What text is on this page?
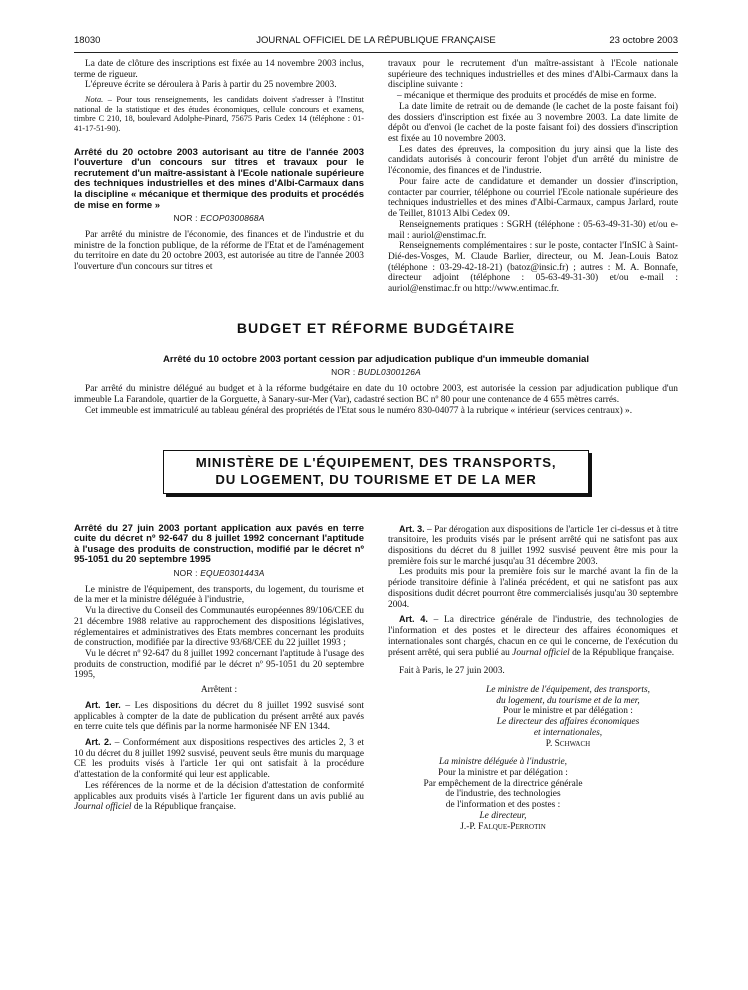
18030	JOURNAL OFFICIEL DE LA RÉPUBLIQUE FRANÇAISE	23 octobre 2003

La date de clôture des inscriptions est fixée au 14 novembre 2003 inclus, terme de rigueur.

L'épreuve écrite se déroulera à Paris à partir du 25 novembre 2003.

Nota. – Pour tous renseignements, les candidats doivent s'adresser à l'Institut national de la statistique et des études économiques, cellule concours et examens, timbre C 210, 18, boulevard Adolphe-Pinard, 75675 Paris Cedex 14 (téléphone : 01-41-17-51-90).

Arrêté du 20 octobre 2003 autorisant au titre de l'année 2003 l'ouverture d'un concours sur titres et travaux pour le recrutement d'un maître-assistant à l'Ecole nationale supérieure des techniques industrielles et des mines d'Albi-Carmaux dans la discipline « mécanique et thermique des produits et procédés de mise en forme »
NOR : ECOP0300868A

Par arrêté du ministre de l'économie, des finances et de l'industrie et du ministre de la fonction publique, de la réforme de l'Etat et de l'aménagement du territoire en date du 20 octobre 2003, est autorisée au titre de l'année 2003 l'ouverture d'un concours sur titres et

travaux pour le recrutement d'un maître-assistant à l'Ecole nationale supérieure des techniques industrielles et des mines d'Albi-Carmaux dans la discipline suivante :

– mécanique et thermique des produits et procédés de mise en forme.

La date limite de retrait ou de demande (le cachet de la poste faisant foi) des dossiers d'inscription est fixée au 3 novembre 2003. La date limite de dépôt ou d'envoi (le cachet de la poste faisant foi) des dossiers d'inscription est fixée au 10 novembre 2003.

Les dates des épreuves, la composition du jury ainsi que la liste des candidats autorisés à concourir feront l'objet d'un arrêté du ministre de l'économie, des finances et de l'industrie.

Pour faire acte de candidature et demander un dossier d'inscription, contacter par courrier, téléphone ou courriel l'Ecole nationale supérieure des techniques industrielles et des mines d'Albi-Carmaux, campus Jarlard, route de Teillet, 81013 Albi Cedex 09.

Renseignements pratiques : SGRH (téléphone : 05-63-49-31-30) et/ou e-mail : auriol@enstimac.fr.

Renseignements complémentaires : sur le poste, contacter l'InSIC à Saint-Dié-des-Vosges, M. Claude Barlier, directeur, ou M. Jean-Louis Batoz (téléphone : 03-29-42-18-21) (batoz@insic.fr) ; autres : M. A. Bonnafe, directeur adjoint (téléphone : 05-63-49-31-30) et/ou e-mail : auriol@enstimac.fr ou http://www.entimac.fr.

BUDGET ET RÉFORME BUDGÉTAIRE
Arrêté du 10 octobre 2003 portant cession par adjudication publique d'un immeuble domanial
NOR : BUDL0300126A

Par arrêté du ministre délégué au budget et à la réforme budgétaire en date du 10 octobre 2003, est autorisée la cession par adjudication publique d'un immeuble La Farandole, quartier de la Gorguette, à Sanary-sur-Mer (Var), cadastré section BC nº 80 pour une contenance de 4 655 mètres carrés.

Cet immeuble est immatriculé au tableau général des propriétés de l'Etat sous le numéro 830-04077 à la rubrique « intérieur (services centraux) ».

MINISTÈRE DE L'ÉQUIPEMENT, DES TRANSPORTS,
DU LOGEMENT, DU TOURISME ET DE LA MER
Arrêté du 27 juin 2003 portant application aux pavés en terre cuite du décret nº 92-647 du 8 juillet 1992 concernant l'aptitude à l'usage des produits de construction, modifié par le décret nº 95-1051 du 20 septembre 1995
NOR : EQUE0301443A

Le ministre de l'équipement, des transports, du logement, du tourisme et de la mer et la ministre déléguée à l'industrie,

Vu la directive du Conseil des Communautés européennes 89/106/CEE du 21 décembre 1988 relative au rapprochement des dispositions législatives, réglementaires et administratives des Etats membres concernant les produits de construction, modifiée par la directive 93/68/CEE du 22 juillet 1993 ;

Vu le décret nº 92-647 du 8 juillet 1992 concernant l'aptitude à l'usage des produits de construction, modifié par le décret nº 95-1051 du 20 septembre 1995,

Arrêtent :

Art. 1er. – Les dispositions du décret du 8 juillet 1992 susvisé sont applicables à compter de la date de publication du présent arrêté aux pavés en terre cuite tels que définis par la norme harmonisée NF EN 1344.

Art. 2. – Conformément aux dispositions respectives des articles 2, 3 et 10 du décret du 8 juillet 1992 susvisé, peuvent seuls être munis du marquage CE les produits visés à l'article 1er qui ont satisfait à la procédure d'attestation de la conformité qui leur est applicable.

Les références de la norme et de la décision d'attestation de conformité applicables aux produits visés à l'article 1er figurent dans un avis publié au Journal officiel de la République française.

Art. 3. – Par dérogation aux dispositions de l'article 1er ci-dessus et à titre transitoire, les produits visés par le présent arrêté qui ne satisfont pas aux dispositions du décret du 8 juillet 1992 susvisé peuvent être mis pour la première fois sur le marché jusqu'au 31 décembre 2003.

Les produits mis pour la première fois sur le marché avant la fin de la période transitoire définie à l'alinéa précédent, et qui ne satisfont pas aux dispositions dudit décret pourront être commercialisés jusqu'au 30 septembre 2004.

Art. 4. – La directrice générale de l'industrie, des technologies de l'information et des postes et le directeur des affaires économiques et internationales sont chargés, chacun en ce qui le concerne, de l'exécution du présent arrêté, qui sera publié au Journal officiel de la République française.

Fait à Paris, le 27 juin 2003.

Le ministre de l'équipement, des transports,
du logement, du tourisme et de la mer,
Pour le ministre et par délégation :
Le directeur des affaires économiques
et internationales,
P. Schwach
La ministre déléguée à l'industrie,
Pour la ministre et par délégation :
Par empêchement de la directrice générale
de l'industrie, des technologies
de l'information et des postes :
Le directeur,
J.-P. Falque-Perrotin
